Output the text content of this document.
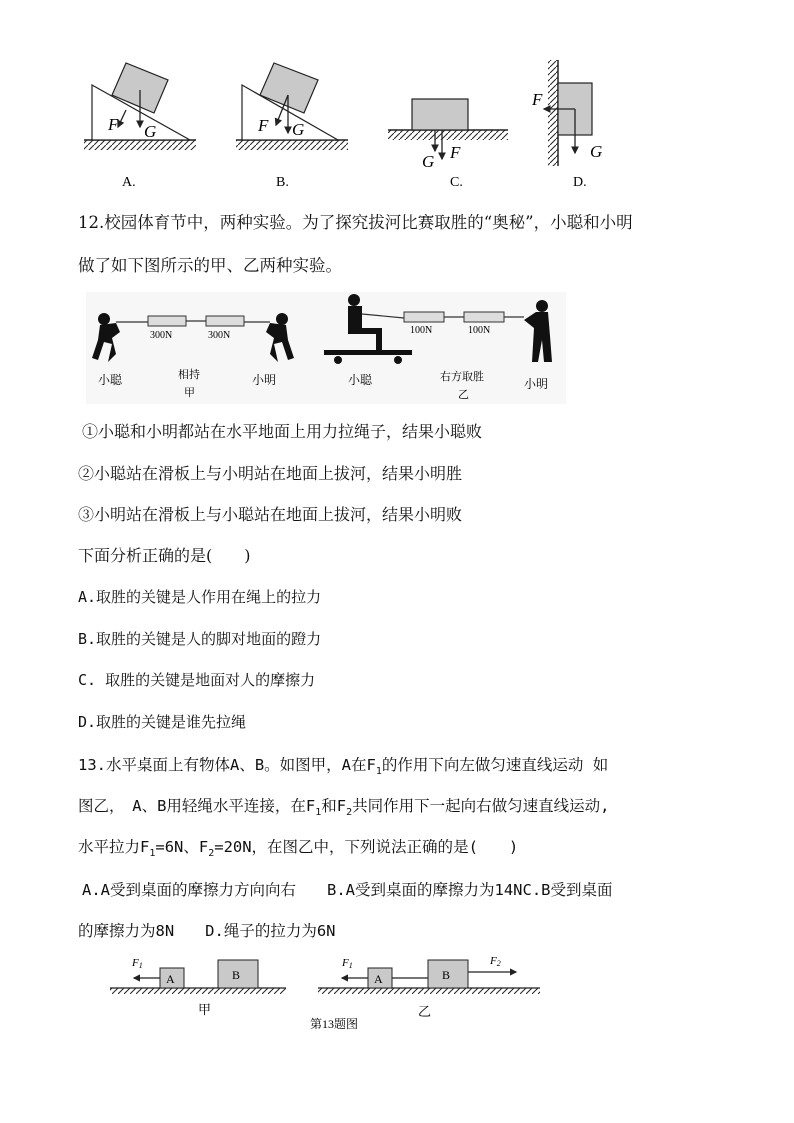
F G	F G
G F
F
G
A.	B.	C.	D.
12.校园体育节中，两种实验。为了探究拔河比赛取胜的“奥秘”，小聪和小明
做了如下图所示的甲、乙两种实验。
300N	300N
小聪	相持
甲
小明
100N	100N
小聪	右方取胜
乙
小明
①小聪和小明都站在水平地面上用力拉绳子，结果小聪败
②小聪站在滑板上与小明站在地面上拔河，结果小明胜
③小明站在滑板上与小聪站在地面上拔河，结果小明败
下面分析正确的是(　　)
A.取胜的关键是人作用在绳上的拉力
B.取胜的关键是人的脚对地面的蹬力
C. 取胜的关键是地面对人的摩擦力
D.取胜的关键是谁先拉绳
13.水平桌面上有物体A、B。如图甲，A在$F_1$的作用下向左做匀速直线运动 如
图乙，　A、B用轻绳水平连接，在$F_1$和$F_2$共同作用下一起向右做匀速直线运动,
水平拉力$F_1=6N$、$F_2=20N$，在图乙中，下列说法正确的是(　　)
A.A受到桌面的摩擦力方向向右　　B.A受到桌面的摩擦力为14NC.B受到桌面
的摩擦力为8N　　D.绳子的拉力为6N
A	B
F1
甲
A	B
F1	F2
乙
第13题图
